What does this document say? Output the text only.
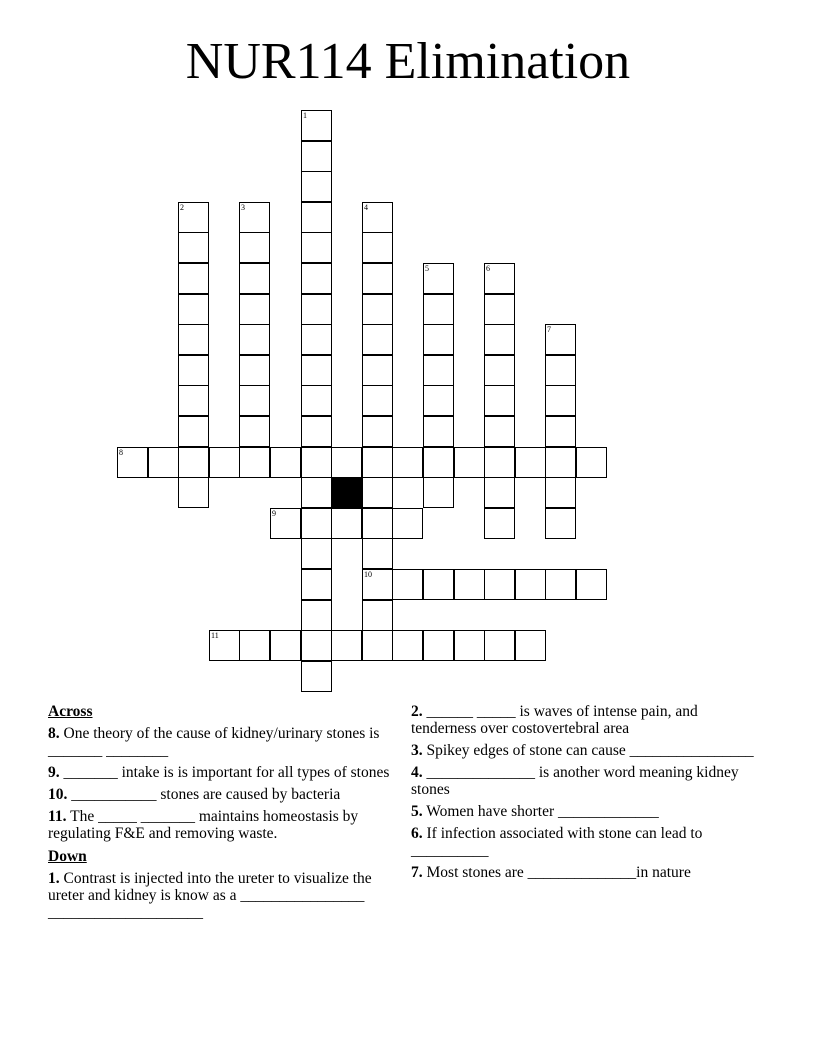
NUR114 Elimination
8
9
10
11
1
2	3	4
5	6
7
Across
8. One theory of the cause of kidney/urinary stones is _______ ________
9. _______ intake is is important for all types of stones
10. ___________ stones are caused by bacteria
11. The _____ _______ maintains homeostasis by regulating F&E and removing waste.
Down
1. Contrast is injected into the ureter to visualize the ureter and kidney is know as a ________________ ____________________
2. ______ _____ is waves of intense pain, and tenderness over costovertebral area
3. Spikey edges of stone can cause ________________
4. ______________ is another word meaning kidney stones
5. Women have shorter _____________
6. If infection associated with stone can lead to __________
7. Most stones are ______________in nature
